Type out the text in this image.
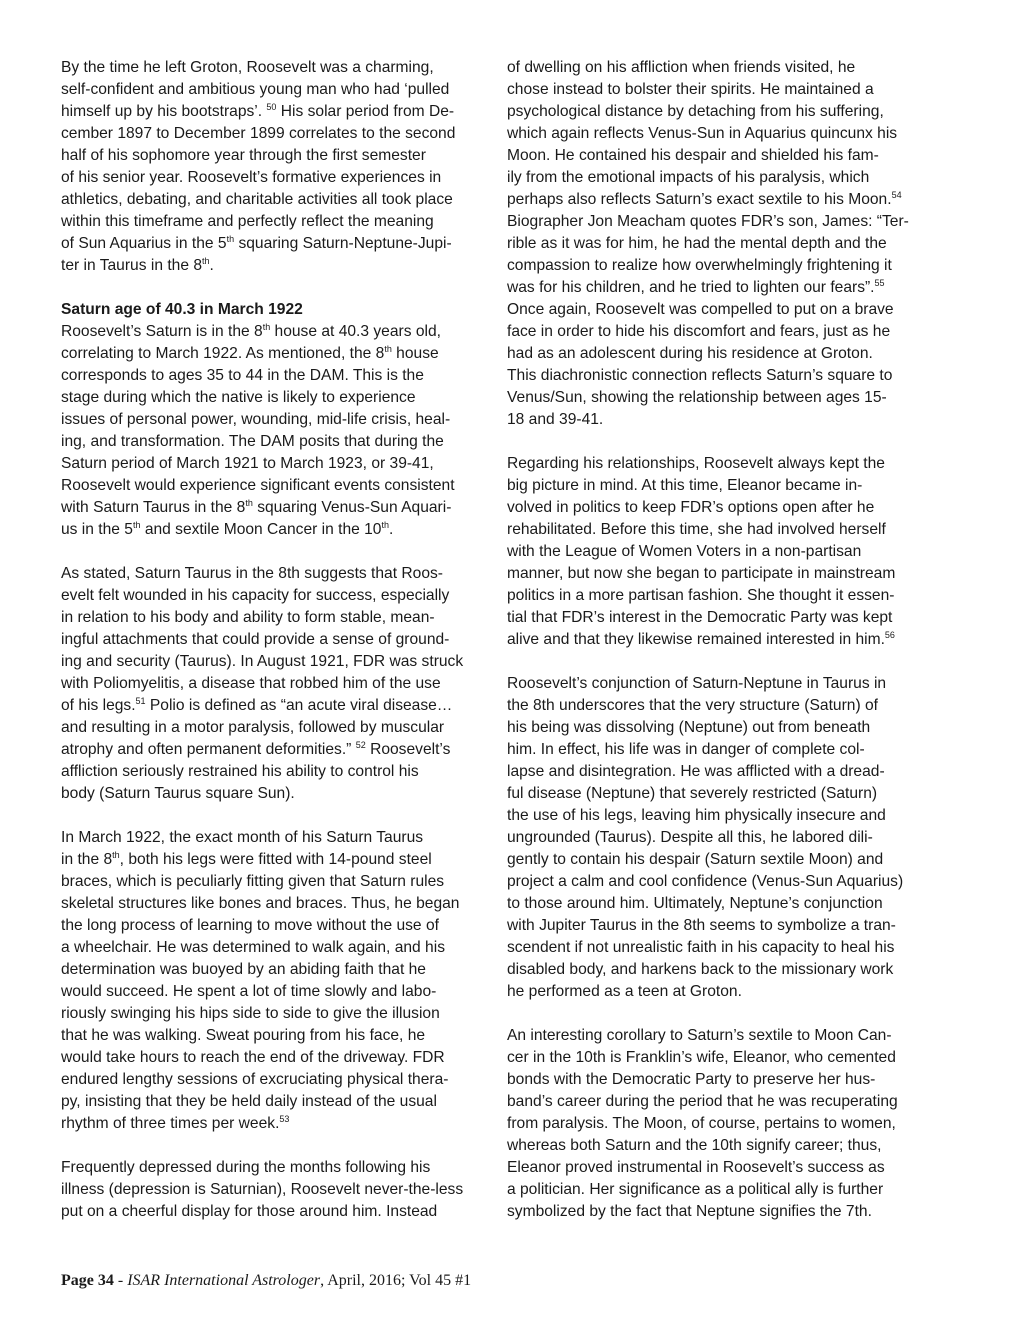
By the time he left Groton, Roosevelt was a charming,
self-confident and ambitious young man who had ‘pulled
himself up by his bootstraps’. $^{50}$ His solar period from De-
cember 1897 to December 1899 correlates to the second
half of his sophomore year through the first semester
of his senior year. Roosevelt’s formative experiences in
athletics, debating, and charitable activities all took place
within this timeframe and perfectly reflect the meaning
of Sun Aquarius in the 5th squaring Saturn-Neptune-Jupi-
ter in Taurus in the 8th.
Saturn age of 40.3 in March 1922
Roosevelt’s Saturn is in the 8th house at 40.3 years old,
correlating to March 1922. As mentioned, the 8th house
corresponds to ages 35 to 44 in the DAM. This is the
stage during which the native is likely to experience
issues of personal power, wounding, mid-life crisis, heal-
ing, and transformation. The DAM posits that during the
Saturn period of March 1921 to March 1923, or 39-41,
Roosevelt would experience significant events consistent
with Saturn Taurus in the 8th squaring Venus-Sun Aquari-
us in the 5th and sextile Moon Cancer in the 10th.
As stated, Saturn Taurus in the 8th suggests that Roos-
evelt felt wounded in his capacity for success, especially
in relation to his body and ability to form stable, mean-
ingful attachments that could provide a sense of ground-
ing and security (Taurus). In August 1921, FDR was struck
with Poliomyelitis, a disease that robbed him of the use
of his legs.$^{51}$ Polio is defined as “an acute viral disease…
and resulting in a motor paralysis, followed by muscular
atrophy and often permanent deformities.” $^{52}$ Roosevelt’s
affliction seriously restrained his ability to control his
body (Saturn Taurus square Sun).
In March 1922, the exact month of his Saturn Taurus
in the 8th, both his legs were fitted with 14-pound steel
braces, which is peculiarly fitting given that Saturn rules
skeletal structures like bones and braces. Thus, he began
the long process of learning to move without the use of
a wheelchair. He was determined to walk again, and his
determination was buoyed by an abiding faith that he
would succeed. He spent a lot of time slowly and labo-
riously swinging his hips side to side to give the illusion
that he was walking. Sweat pouring from his face, he
would take hours to reach the end of the driveway. FDR
endured lengthy sessions of excruciating physical thera-
py, insisting that they be held daily instead of the usual
rhythm of three times per week.$^{53}$
Frequently depressed during the months following his
illness (depression is Saturnian), Roosevelt never-the-less
put on a cheerful display for those around him. Instead
of dwelling on his affliction when friends visited, he
chose instead to bolster their spirits. He maintained a
psychological distance by detaching from his suffering,
which again reflects Venus-Sun in Aquarius quincunx his
Moon. He contained his despair and shielded his fam-
ily from the emotional impacts of his paralysis, which
perhaps also reflects Saturn’s exact sextile to his Moon.$^{54}$
Biographer Jon Meacham quotes FDR’s son, James: “Ter-
rible as it was for him, he had the mental depth and the
compassion to realize how overwhelmingly frightening it
was for his children, and he tried to lighten our fears”.$^{55}$
Once again, Roosevelt was compelled to put on a brave
face in order to hide his discomfort and fears, just as he
had as an adolescent during his residence at Groton.
This diachronistic connection reflects Saturn’s square to
Venus/Sun, showing the relationship between ages 15-
18 and 39-41.
Regarding his relationships, Roosevelt always kept the
big picture in mind. At this time, Eleanor became in-
volved in politics to keep FDR’s options open after he
rehabilitated. Before this time, she had involved herself
with the League of Women Voters in a non-partisan
manner, but now she began to participate in mainstream
politics in a more partisan fashion. She thought it essen-
tial that FDR’s interest in the Democratic Party was kept
alive and that they likewise remained interested in him.$^{56}$
Roosevelt’s conjunction of Saturn-Neptune in Taurus in
the 8th underscores that the very structure (Saturn) of
his being was dissolving (Neptune) out from beneath
him. In effect, his life was in danger of complete col-
lapse and disintegration. He was afflicted with a dread-
ful disease (Neptune) that severely restricted (Saturn)
the use of his legs, leaving him physically insecure and
ungrounded (Taurus). Despite all this, he labored dili-
gently to contain his despair (Saturn sextile Moon) and
project a calm and cool confidence (Venus-Sun Aquarius)
to those around him. Ultimately, Neptune’s conjunction
with Jupiter Taurus in the 8th seems to symbolize a tran-
scendent if not unrealistic faith in his capacity to heal his
disabled body, and harkens back to the missionary work
he performed as a teen at Groton.
An interesting corollary to Saturn’s sextile to Moon Can-
cer in the 10th is Franklin’s wife, Eleanor, who cemented
bonds with the Democratic Party to preserve her hus-
band’s career during the period that he was recuperating
from paralysis. The Moon, of course, pertains to women,
whereas both Saturn and the 10th signify career; thus,
Eleanor proved instrumental in Roosevelt’s success as
a politician. Her significance as a political ally is further
symbolized by the fact that Neptune signifies the 7th.
Page 34 - ISAR International Astrologer, April, 2016; Vol 45 #1
